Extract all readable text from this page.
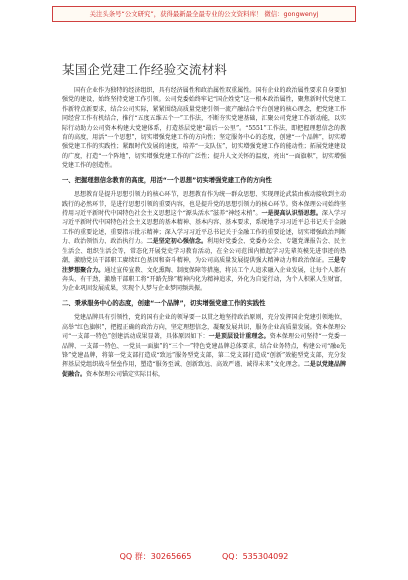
关注头条号“公文研究”，获得最新最全最专业的公文资料库！ 微信：gongwenyj
某国企党建工作经验交流材料

国有企业作为独特的经济组织，具有经济属性和政治属性双重属性。国有企业的政治属性要求自身要加强党的建设，始终坚持党建工作引领。公司党委始终牢记“国企姓党”这一根本政治属性，聚焦新时代党建工作新特点新要求，结合公司实际，紧紧围绕高质量党建引领一流产融结合平台创建的核心理念，把党建工作同经营工作有机结合，推行“五度五维五个一”工作法，不断夯实党建基础，汇聚公司党建工作新动能，以实际行动助力公司资本构建大党建体系，打造基层党建“最后一公里”。“5551”工作法，即把握理想信念的教育的高度，用活“一个思想”，切实增强党建工作的方向性；坚定服务中心的态度，创建“一个品牌”，切实增强党建工作的实践性；紧跟时代发展的速度，培养“一支队伍”，切实增强党建工作的能动性；拓展党建建设的广度，打造“一个阵地”，切实增强党建工作的广泛性；提升人文关怀的温度，亮出“一面旗帜”，切实增强党建工作的创造性。

一、把握理想信念教育的高度，用活“一个思想”切实增强党建工作的方向性

思想教育是提升思想引领力的核心环节，思想教育作为统一群众思想、实现理论武装由被动接收到主动践行的必然环节，是进行思想引领的重要内容，也是提升党的思想引领力的核心环节。资本保理公司始终坚持用习近平新时代中国特色社会主义思想这个“源头活水”滋养“神经末梢”。一是提高认识悟思想。深入学习习近平新时代中国特色社会主义思想的基本精神、基本内容、基本要求，系统地学习习近平总书记关于金融工作的重要论述，重要指示批示精神；深入学习习近平总书记关于金融工作的重要论述，切实增强政治判断力、政治领悟力、政治执行力。二是坚定初心强信念。利用好党委会、党委办公会、专题党课报告会、民主生活会、组织生活会等，常态化开展党史学习教育活动，在全公司范围内掀起学习先辈英模先进事迹的热潮，激励党员干部职工赓续红色基因和奋斗精神，为公司高质量发展提供强大精神动力和政治保证。三是专注梦想聚合力。通过宣传宣教、文化熏陶、制度保障等措施，将员工个人追求融入企业发展，让每个人都有奔头、有干劲，激励干部职工将“开路先锋”精神内化为精神追求，外化为自觉行动，为个人积累人生财富，为企业巩固发展成果，实现个人梦与企业梦同频共振。

二、秉承服务中心的态度，创建“一个品牌”，切实增强党建工作的实践性

党建品牌具有引领性，党的国有企业的领导要一以贯之地坚持政治原则，充分发挥国企党建引领地位，高举“红色旗帜”，把握正确的政治方向，坚定理想信念，凝聚发展共识，服务企业高质量发展。资本保理公司“一支部一特色”创建活动成果显著，具体原因如下：一是顶层设计重理念。资本保理公司坚持“一党委一品牌、一支部一特色、一党员一面旗”的“三个一”特色党建品牌总体要求，结合业务特点，构建公司“融e先锋”党建品牌，将第一党支部打造成“致远”服务型党支部，第二党支部打造成“创新”效能型党支部，充分发挥基层党组织战斗堡垒作用，塑造“服务至诚、创新致远、高效严谨、诚得未来”文化理念。二是以党建品牌促融合。资本保理公司锚定实际目标，

QQ 群：30265665	QQ：535304092
